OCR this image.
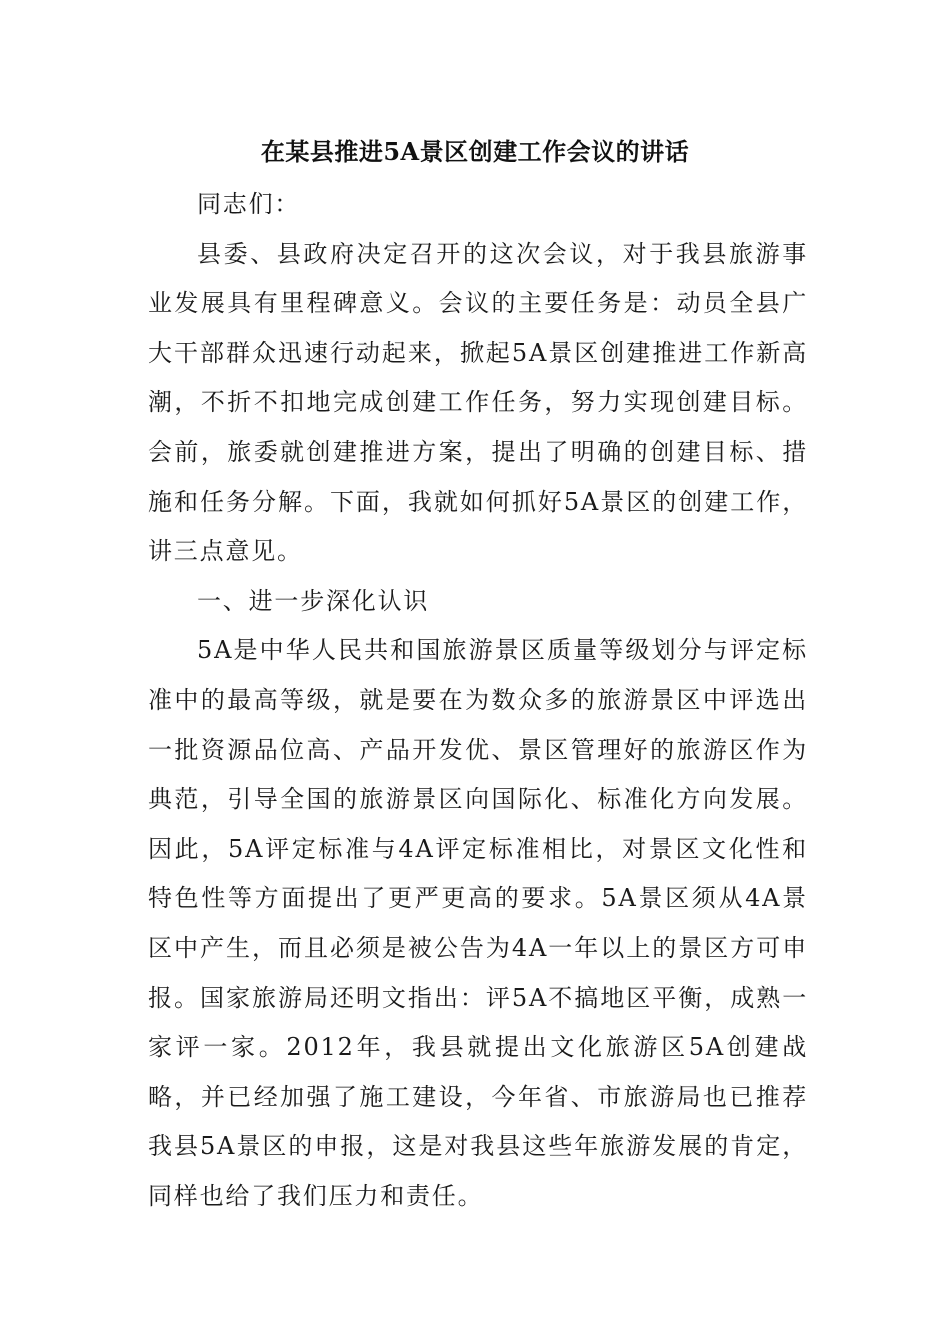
在某县推进5A景区创建工作会议的讲话

同志们：

县委、县政府决定召开的这次会议，对于我县旅游事业发展具有里程碑意义。会议的主要任务是：动员全县广大干部群众迅速行动起来，掀起5A景区创建推进工作新高潮，不折不扣地完成创建工作任务，努力实现创建目标。会前，旅委就创建推进方案，提出了明确的创建目标、措施和任务分解。下面，我就如何抓好5A景区的创建工作，讲三点意见。

一、进一步深化认识

5A是中华人民共和国旅游景区质量等级划分与评定标准中的最高等级，就是要在为数众多的旅游景区中评选出一批资源品位高、产品开发优、景区管理好的旅游区作为典范，引导全国的旅游景区向国际化、标准化方向发展。因此，5A评定标准与4A评定标准相比，对景区文化性和特色性等方面提出了更严更高的要求。5A景区须从4A景区中产生，而且必须是被公告为4A一年以上的景区方可申报。国家旅游局还明文指出：评5A不搞地区平衡，成熟一家评一家。2012年，我县就提出文化旅游区5A创建战略，并已经加强了施工建设，今年省、市旅游局也已推荐我县5A景区的申报，这是对我县这些年旅游发展的肯定，同样也给了我们压力和责任。
